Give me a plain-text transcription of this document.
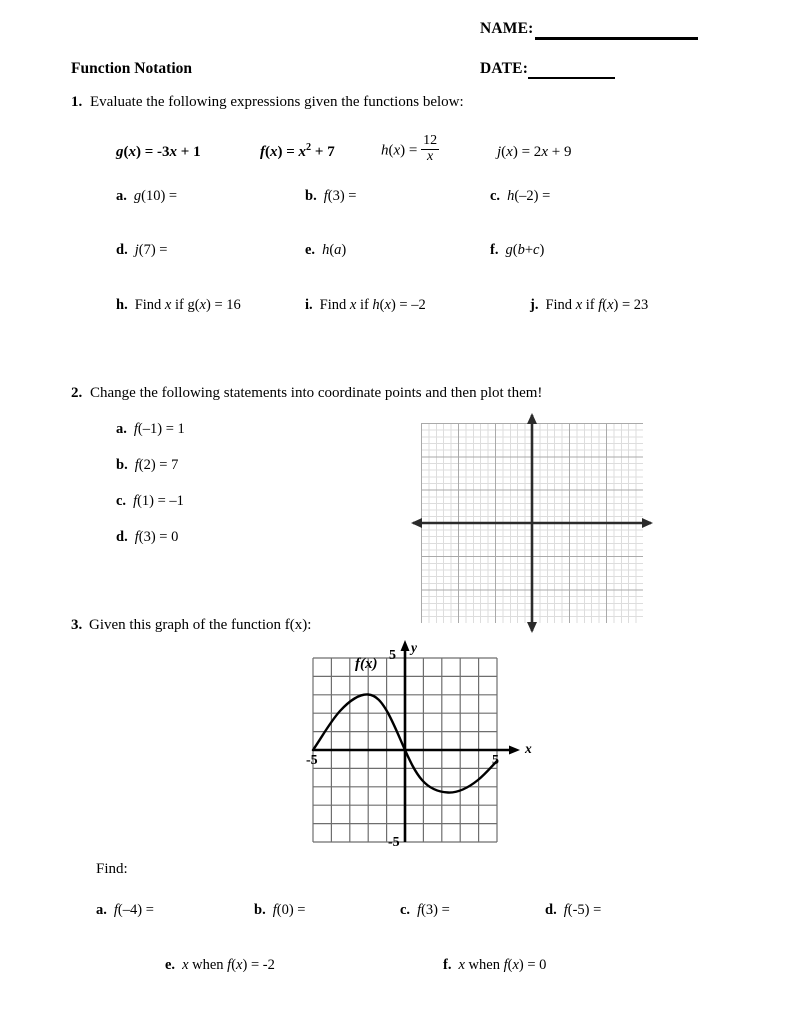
NAME:
Function Notation	DATE:
1. Evaluate the following expressions given the functions below:
g(x) = -3x + 1	$f(x) = x^2 + 7$	$h(x) = \frac{12}{x}$	j(x) = 2x + 9
a. g(10) =	b. f(3) =	c. h(–2) =
d. j(7) =	e. h(a)	f. g(b+c)
h. Find x if g(x) = 16	i. Find x if h(x) = –2	j. Find x if f(x) = 23
2. Change the following statements into coordinate points and then plot them!
a. f(–1) = 1
b. f(2) = 7
c. f(1) = –1
d. f(3) = 0
3. Given this graph of the function f(x):
f(x)
5
-5
-5	5
x
y
Find:
a. f(–4) =	b. f(0) =	c. f(3) =	d. f(-5) =
e. x when f(x) = -2	f. x when f(x) = 0
